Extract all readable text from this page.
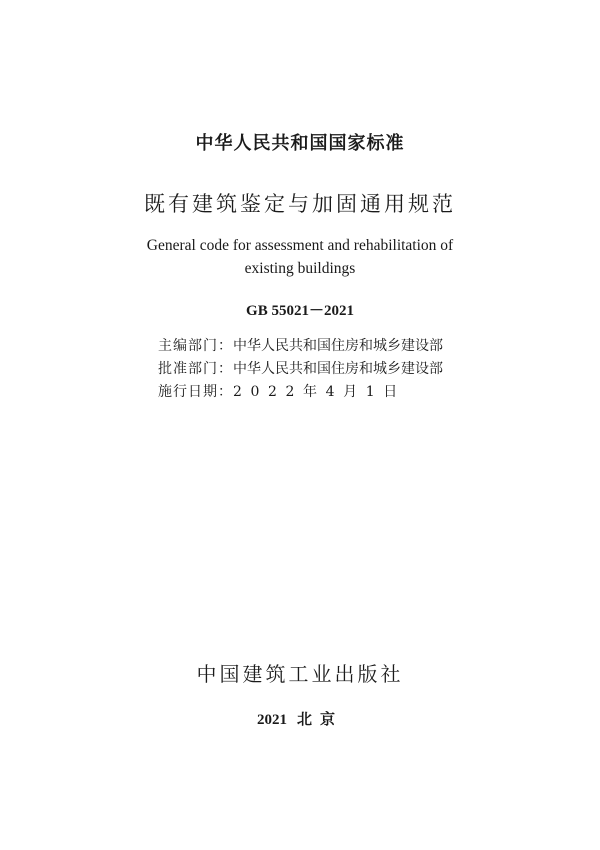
中华人民共和国国家标准
既有建筑鉴定与加固通用规范
General code for assessment and rehabilitation of
existing buildings
GB 55021－2021
主编部门：中华人民共和国住房和城乡建设部
批准部门：中华人民共和国住房和城乡建设部
施行日期：2022年4月1日
中国建筑工业出版社
2021 北京
